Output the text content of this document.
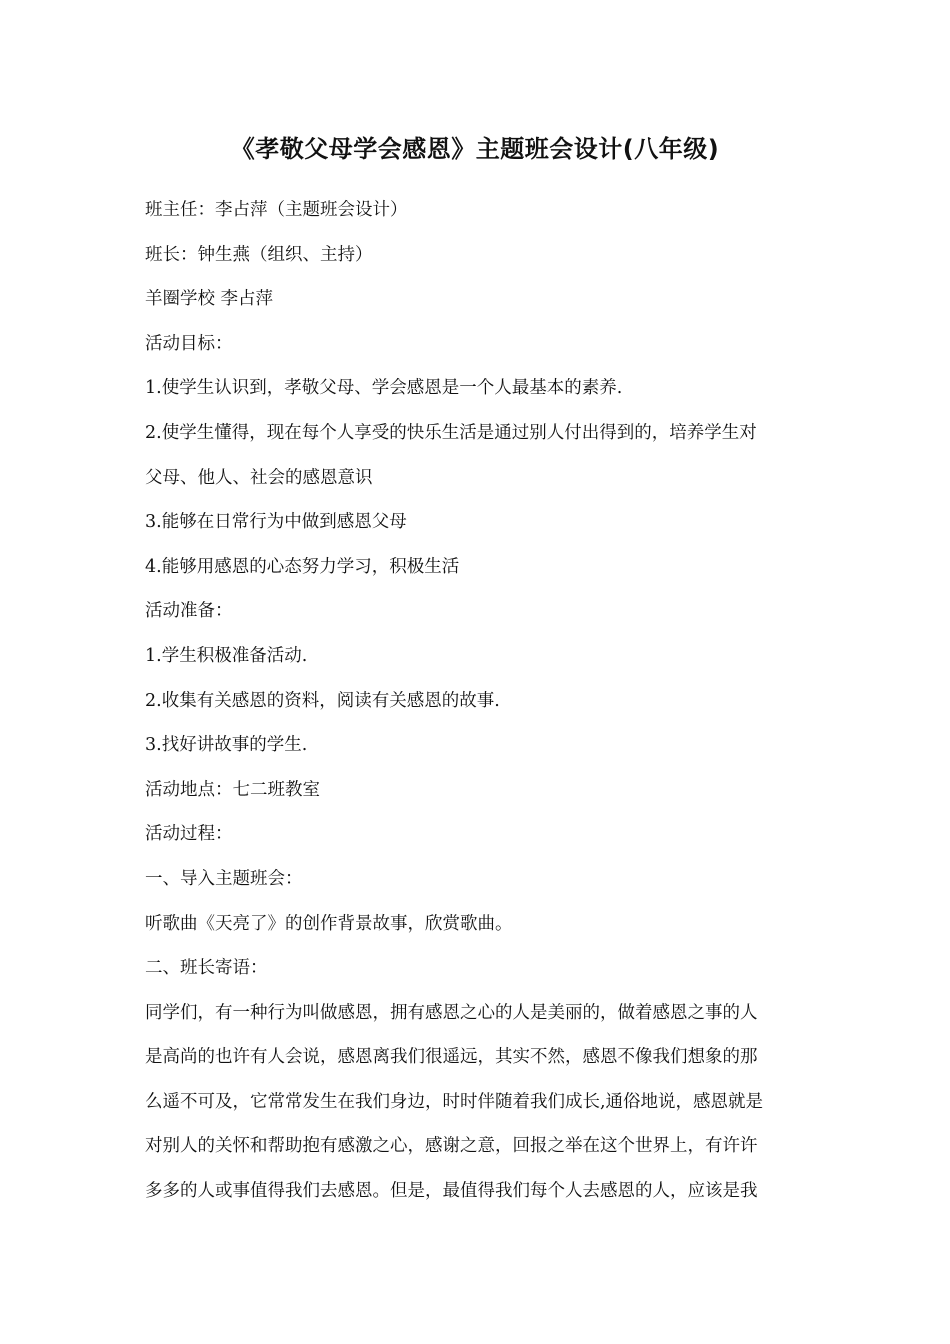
《孝敬父母学会感恩》主题班会设计(八年级)
班主任：李占萍（主题班会设计）
班长：钟生燕（组织、主持）
羊圈学校 李占萍
活动目标：
1.使学生认识到，孝敬父母、学会感恩是一个人最基本的素养.
2.使学生懂得，现在每个人享受的快乐生活是通过别人付出得到的，培养学生对
父母、他人、社会的感恩意识
3.能够在日常行为中做到感恩父母
4.能够用感恩的心态努力学习，积极生活
活动准备：
1.学生积极准备活动.
2.收集有关感恩的资料，阅读有关感恩的故事.
3.找好讲故事的学生.
活动地点：七二班教室
活动过程：
一、导入主题班会：
听歌曲《天亮了》的创作背景故事，欣赏歌曲。
二、班长寄语：
同学们，有一种行为叫做感恩，拥有感恩之心的人是美丽的，做着感恩之事的人
是高尚的也许有人会说，感恩离我们很遥远，其实不然，感恩不像我们想象的那
么遥不可及，它常常发生在我们身边，时时伴随着我们成长,通俗地说，感恩就是
对别人的关怀和帮助抱有感激之心，感谢之意，回报之举在这个世界上，有许许
多多的人或事值得我们去感恩。但是，最值得我们每个人去感恩的人，应该是我
